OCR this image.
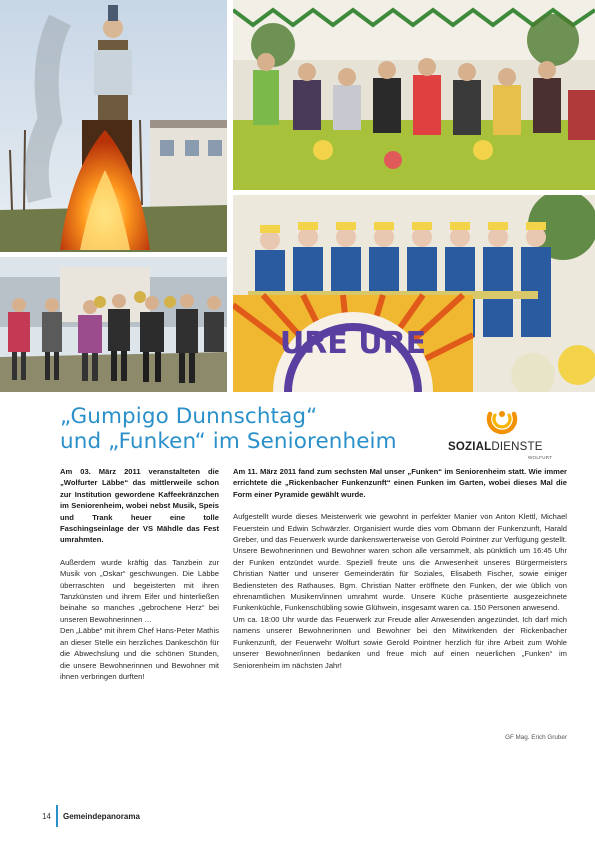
URE URE
„Gumpigo Dunnschtag“
und „Funken“ im Seniorenheim	SOZIALDIENSTE
WOLFURT

Am 03. März 2011 veranstalteten die „Wolfurter Läbbe“ das mittlerweile schon zur Institution gewordene Kaffeekränzchen im Seniorenheim, wobei nebst Musik, Speis und Trank heuer eine tolle Faschingseinlage der VS Mähdle das Fest umrahmten.

Außerdem wurde kräftig das Tanzbein zur Musik von „Oskar“ geschwungen. Die Läbbe überraschten und begeisterten mit ihren Tanzkünsten und ihrem Eifer und hinterließen beinahe so manches „gebrochene Herz“ bei unseren Bewohnerinnen …

Den „Läbbe“ mit ihrem Chef Hans-Peter Mathis an dieser Stelle ein herzliches Dankeschön für die Abwechslung und die schönen Stunden, die unsere Bewohnerinnen und Bewohner mit ihnen verbringen durften!

Am 11. März 2011 fand zum sechsten Mal unser „Funken“ im Seniorenheim statt. Wie immer errichtete die „Rickenbacher Funkenzunft“ einen Funken im Garten, wobei dieses Mal die Form einer Pyramide gewählt wurde.

Aufgestellt wurde dieses Meisterwerk wie gewohnt in perfekter Manier von Anton Klettl, Michael Feuerstein und Edwin Schwärzler. Organisiert wurde dies vom Obmann der Funkenzunft, Harald Greber, und das Feuerwerk wurde dankenswerterweise von Gerold Pointner zur Verfügung gestellt. Unsere Bewohnerinnen und Bewohner waren schon alle versammelt, als pünktlich um 16:45 Uhr der Funken entzündet wurde. Speziell freute uns die Anwesenheit unseres Bürgermeisters Christian Natter und unserer Gemeinderätin für Soziales, Elisabeth Fischer, sowie einiger Bediensteten des Rathauses. Bgm. Christian Natter eröffnete den Funken, der wie üblich von ehrenamtlichen Musikern/innen umrahmt wurde. Unsere Küche präsentierte ausgezeichnete Funkenküchle, Funkenschübling sowie Glühwein, insgesamt waren ca. 150 Personen anwesend.

Um ca. 18:00 Uhr wurde das Feuerwerk zur Freude aller Anwesenden angezündet. Ich darf mich namens unserer Bewohnerinnen und Bewohner bei den Mitwirkenden der Rickenbacher Funkenzunft, der Feuerwehr Wolfurt sowie Gerold Pointner herzlich für ihre Arbeit zum Wohle unserer Bewohner/innen bedanken und freue mich auf einen neuerlichen „Funken“ im Seniorenheim im nächsten Jahr!

GF Mag. Erich Gruber
14 Gemeindepanorama
